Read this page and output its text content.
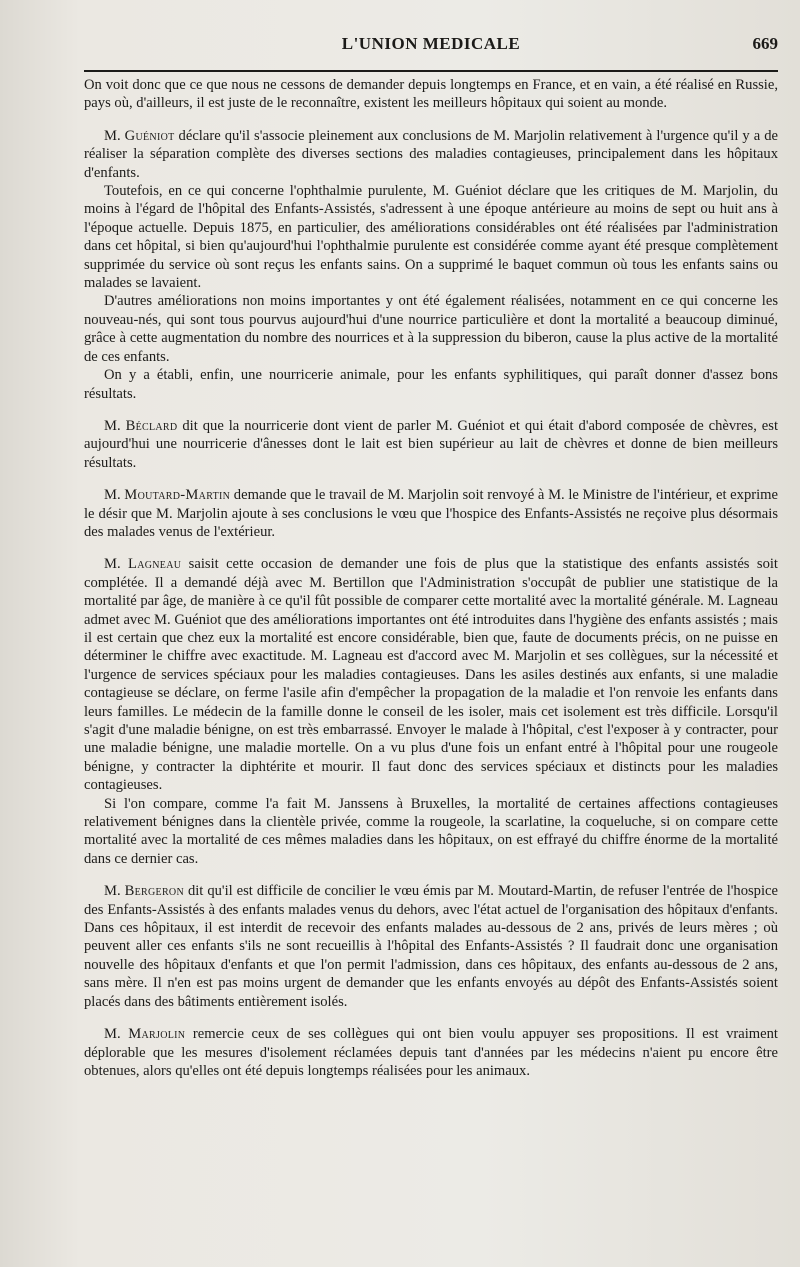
L'UNION MEDICALE	669

On voit donc que ce que nous ne cessons de demander depuis longtemps en France, et en vain, a été réalisé en Russie, pays où, d'ailleurs, il est juste de le reconnaître, existent les meilleurs hôpitaux qui soient au monde.

M. Guéniot déclare qu'il s'associe pleinement aux conclusions de M. Marjolin relativement à l'urgence qu'il y a de réaliser la séparation complète des diverses sections des maladies contagieuses, principalement dans les hôpitaux d'enfants.

Toutefois, en ce qui concerne l'ophthalmie purulente, M. Guéniot déclare que les critiques de M. Marjolin, du moins à l'égard de l'hôpital des Enfants-Assistés, s'adressent à une époque antérieure au moins de sept ou huit ans à l'époque actuelle. Depuis 1875, en particulier, des améliorations considérables ont été réalisées par l'administration dans cet hôpital, si bien qu'aujourd'hui l'ophthalmie purulente est considérée comme ayant été presque complètement supprimée du service où sont reçus les enfants sains. On a supprimé le baquet commun où tous les enfants sains ou malades se lavaient.

D'autres améliorations non moins importantes y ont été également réalisées, notamment en ce qui concerne les nouveau-nés, qui sont tous pourvus aujourd'hui d'une nourrice particulière et dont la mortalité a beaucoup diminué, grâce à cette augmentation du nombre des nourrices et à la suppression du biberon, cause la plus active de la mortalité de ces enfants.

On y a établi, enfin, une nourricerie animale, pour les enfants syphilitiques, qui paraît donner d'assez bons résultats.

M. Béclard dit que la nourricerie dont vient de parler M. Guéniot et qui était d'abord composée de chèvres, est aujourd'hui une nourricerie d'ânesses dont le lait est bien supérieur au lait de chèvres et donne de bien meilleurs résultats.

M. Moutard-Martin demande que le travail de M. Marjolin soit renvoyé à M. le Ministre de l'intérieur, et exprime le désir que M. Marjolin ajoute à ses conclusions le vœu que l'hospice des Enfants-Assistés ne reçoive plus désormais des malades venus de l'extérieur.

M. Lagneau saisit cette occasion de demander une fois de plus que la statistique des enfants assistés soit complétée. Il a demandé déjà avec M. Bertillon que l'Administration s'occupât de publier une statistique de la mortalité par âge, de manière à ce qu'il fût possible de comparer cette mortalité avec la mortalité générale. M. Lagneau admet avec M. Guéniot que des améliorations importantes ont été introduites dans l'hygiène des enfants assistés ; mais il est certain que chez eux la mortalité est encore considérable, bien que, faute de documents précis, on ne puisse en déterminer le chiffre avec exactitude. M. Lagneau est d'accord avec M. Marjolin et ses collègues, sur la nécessité et l'urgence de services spéciaux pour les maladies contagieuses. Dans les asiles destinés aux enfants, si une maladie contagieuse se déclare, on ferme l'asile afin d'empêcher la propagation de la maladie et l'on renvoie les enfants dans leurs familles. Le médecin de la famille donne le conseil de les isoler, mais cet isolement est très difficile. Lorsqu'il s'agit d'une maladie bénigne, on est très embarrassé. Envoyer le malade à l'hôpital, c'est l'exposer à y contracter, pour une maladie bénigne, une maladie mortelle. On a vu plus d'une fois un enfant entré à l'hôpital pour une rougeole bénigne, y contracter la diphtérite et mourir. Il faut donc des services spéciaux et distincts pour les maladies contagieuses.

Si l'on compare, comme l'a fait M. Janssens à Bruxelles, la mortalité de certaines affections contagieuses relativement bénignes dans la clientèle privée, comme la rougeole, la scarlatine, la coqueluche, si on compare cette mortalité avec la mortalité de ces mêmes maladies dans les hôpitaux, on est effrayé du chiffre énorme de la mortalité dans ce dernier cas.

M. Bergeron dit qu'il est difficile de concilier le vœu émis par M. Moutard-Martin, de refuser l'entrée de l'hospice des Enfants-Assistés à des enfants malades venus du dehors, avec l'état actuel de l'organisation des hôpitaux d'enfants. Dans ces hôpitaux, il est interdit de recevoir des enfants malades au-dessous de 2 ans, privés de leurs mères ; où peuvent aller ces enfants s'ils ne sont recueillis à l'hôpital des Enfants-Assistés ? Il faudrait donc une organisation nouvelle des hôpitaux d'enfants et que l'on permit l'admission, dans ces hôpitaux, des enfants au-dessous de 2 ans, sans mère. Il n'en est pas moins urgent de demander que les enfants envoyés au dépôt des Enfants-Assistés soient placés dans des bâtiments entièrement isolés.

M. Marjolin remercie ceux de ses collègues qui ont bien voulu appuyer ses propositions. Il est vraiment déplorable que les mesures d'isolement réclamées depuis tant d'années par les médecins n'aient pu encore être obtenues, alors qu'elles ont été depuis longtemps réalisées pour les animaux.
